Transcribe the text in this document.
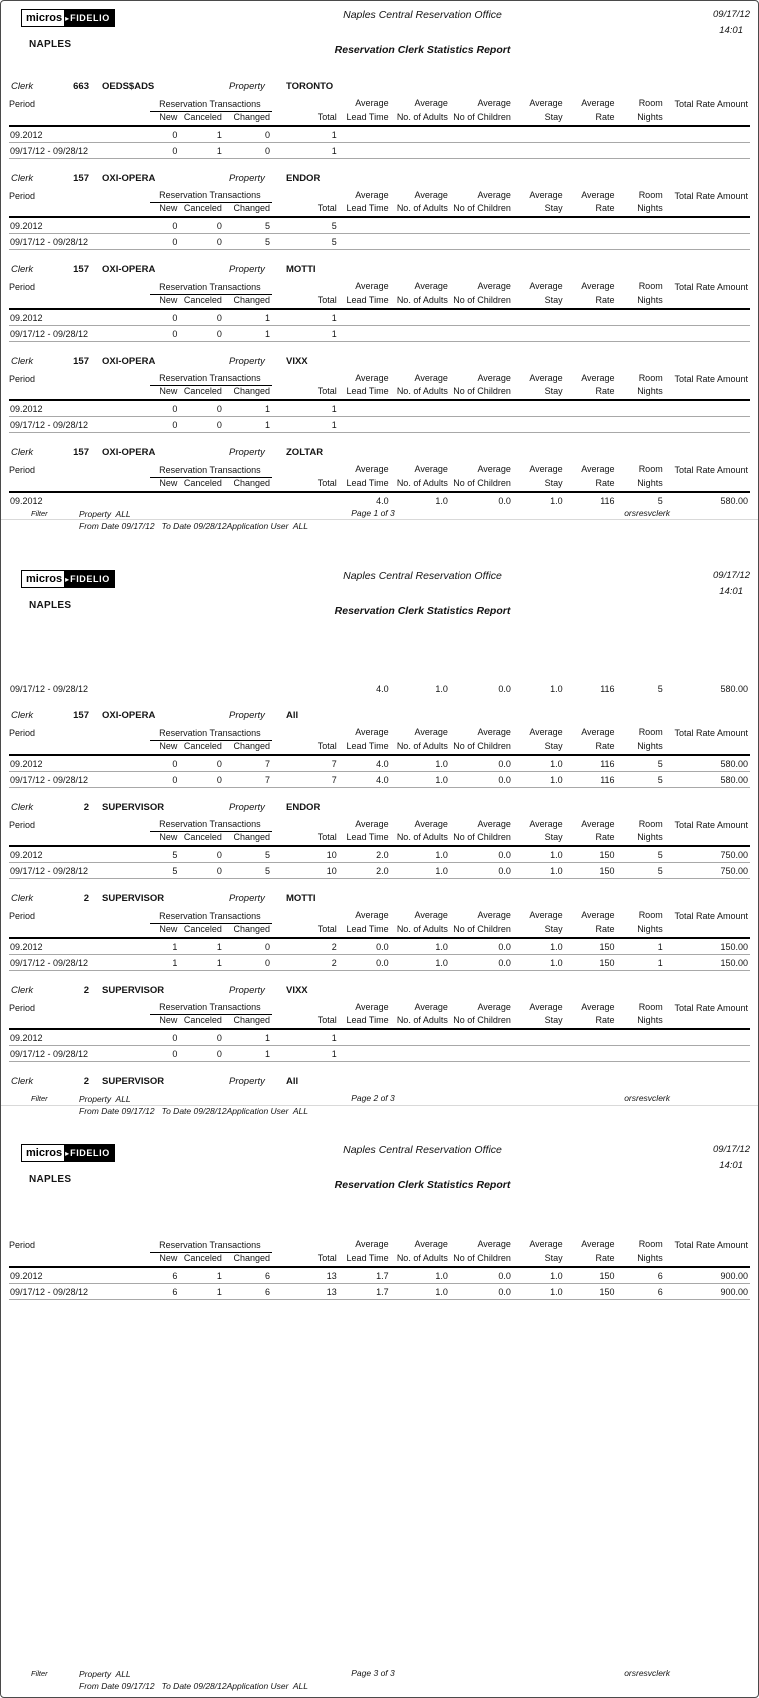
micros ▸ FIDELIO
NAPLES
Naples Central Reservation Office
Reservation Clerk Statistics Report
09/17/12
14:01
Clerk	663 OEDS$ADS	Property	TORONTO
Period	Reservation Transactions				Average	Average	Average	Average	Average	Room	Total Rate Amount
	New	Canceled	Changed	Total	Lead Time	No. of Adults	No of Children	Stay	Rate	Nights	
09.2012	0	1	0	1							
09/17/12 - 09/28/12	0	1	0	1							
Clerk	157 OXI-OPERA	Property	ENDOR
Period	Reservation Transactions				Average	Average	Average	Average	Average	Room	Total Rate Amount
	New	Canceled	Changed	Total	Lead Time	No. of Adults	No of Children	Stay	Rate	Nights	
09.2012	0	0	5	5							
09/17/12 - 09/28/12	0	0	5	5							
Clerk	157 OXI-OPERA	Property	MOTTI
Period	Reservation Transactions				Average	Average	Average	Average	Average	Room	Total Rate Amount
	New	Canceled	Changed	Total	Lead Time	No. of Adults	No of Children	Stay	Rate	Nights	
09.2012	0	0	1	1							
09/17/12 - 09/28/12	0	0	1	1							
Clerk	157 OXI-OPERA	Property	VIXX
Period	Reservation Transactions				Average	Average	Average	Average	Average	Room	Total Rate Amount
	New	Canceled	Changed	Total	Lead Time	No. of Adults	No of Children	Stay	Rate	Nights	
09.2012	0	0	1	1							
09/17/12 - 09/28/12	0	0	1	1							
Clerk	157 OXI-OPERA	Property	ZOLTAR
Period	Reservation Transactions				Average	Average	Average	Average	Average	Room	Total Rate Amount
	New	Canceled	Changed	Total	Lead Time	No. of Adults	No of Children	Stay	Rate	Nights	
09.2012					4.0	1.0	0.0	1.0	116	5	580.00
Filter	Property  ALL
From Date 09/17/12   To Date 09/28/12Application User  ALL
Page 1 of 3	orsresvclerk
micros ▸ FIDELIO
NAPLES
Naples Central Reservation Office
Reservation Clerk Statistics Report
09/17/12
14:01
09/17/12 - 09/28/12					4.0	1.0	0.0	1.0	116	5	580.00
Clerk	157 OXI-OPERA	Property	All
Period	Reservation Transactions				Average	Average	Average	Average	Average	Room	Total Rate Amount
	New	Canceled	Changed	Total	Lead Time	No. of Adults	No of Children	Stay	Rate	Nights	
09.2012	0	0	7	7	4.0	1.0	0.0	1.0	116	5	580.00
09/17/12 - 09/28/12	0	0	7	7	4.0	1.0	0.0	1.0	116	5	580.00
Clerk	2 SUPERVISOR	Property	ENDOR
Period	Reservation Transactions				Average	Average	Average	Average	Average	Room	Total Rate Amount
	New	Canceled	Changed	Total	Lead Time	No. of Adults	No of Children	Stay	Rate	Nights	
09.2012	5	0	5	10	2.0	1.0	0.0	1.0	150	5	750.00
09/17/12 - 09/28/12	5	0	5	10	2.0	1.0	0.0	1.0	150	5	750.00
Clerk	2 SUPERVISOR	Property	MOTTI
Period	Reservation Transactions				Average	Average	Average	Average	Average	Room	Total Rate Amount
	New	Canceled	Changed	Total	Lead Time	No. of Adults	No of Children	Stay	Rate	Nights	
09.2012	1	1	0	2	0.0	1.0	0.0	1.0	150	1	150.00
09/17/12 - 09/28/12	1	1	0	2	0.0	1.0	0.0	1.0	150	1	150.00
Clerk	2 SUPERVISOR	Property	VIXX
Period	Reservation Transactions				Average	Average	Average	Average	Average	Room	Total Rate Amount
	New	Canceled	Changed	Total	Lead Time	No. of Adults	No of Children	Stay	Rate	Nights	
09.2012	0	0	1	1							
09/17/12 - 09/28/12	0	0	1	1							
Clerk	2 SUPERVISOR	Property	All
Filter	Property  ALL
From Date 09/17/12   To Date 09/28/12Application User  ALL
Page 2 of 3	orsresvclerk
micros ▸ FIDELIO
NAPLES
Naples Central Reservation Office
Reservation Clerk Statistics Report
09/17/12
14:01
Period	Reservation Transactions				Average	Average	Average	Average	Average	Room	Total Rate Amount
	New	Canceled	Changed	Total	Lead Time	No. of Adults	No of Children	Stay	Rate	Nights	
09.2012	6	1	6	13	1.7	1.0	0.0	1.0	150	6	900.00
09/17/12 - 09/28/12	6	1	6	13	1.7	1.0	0.0	1.0	150	6	900.00
Filter	Property  ALL
From Date 09/17/12   To Date 09/28/12Application User  ALL
Page 3 of 3	orsresvclerk
